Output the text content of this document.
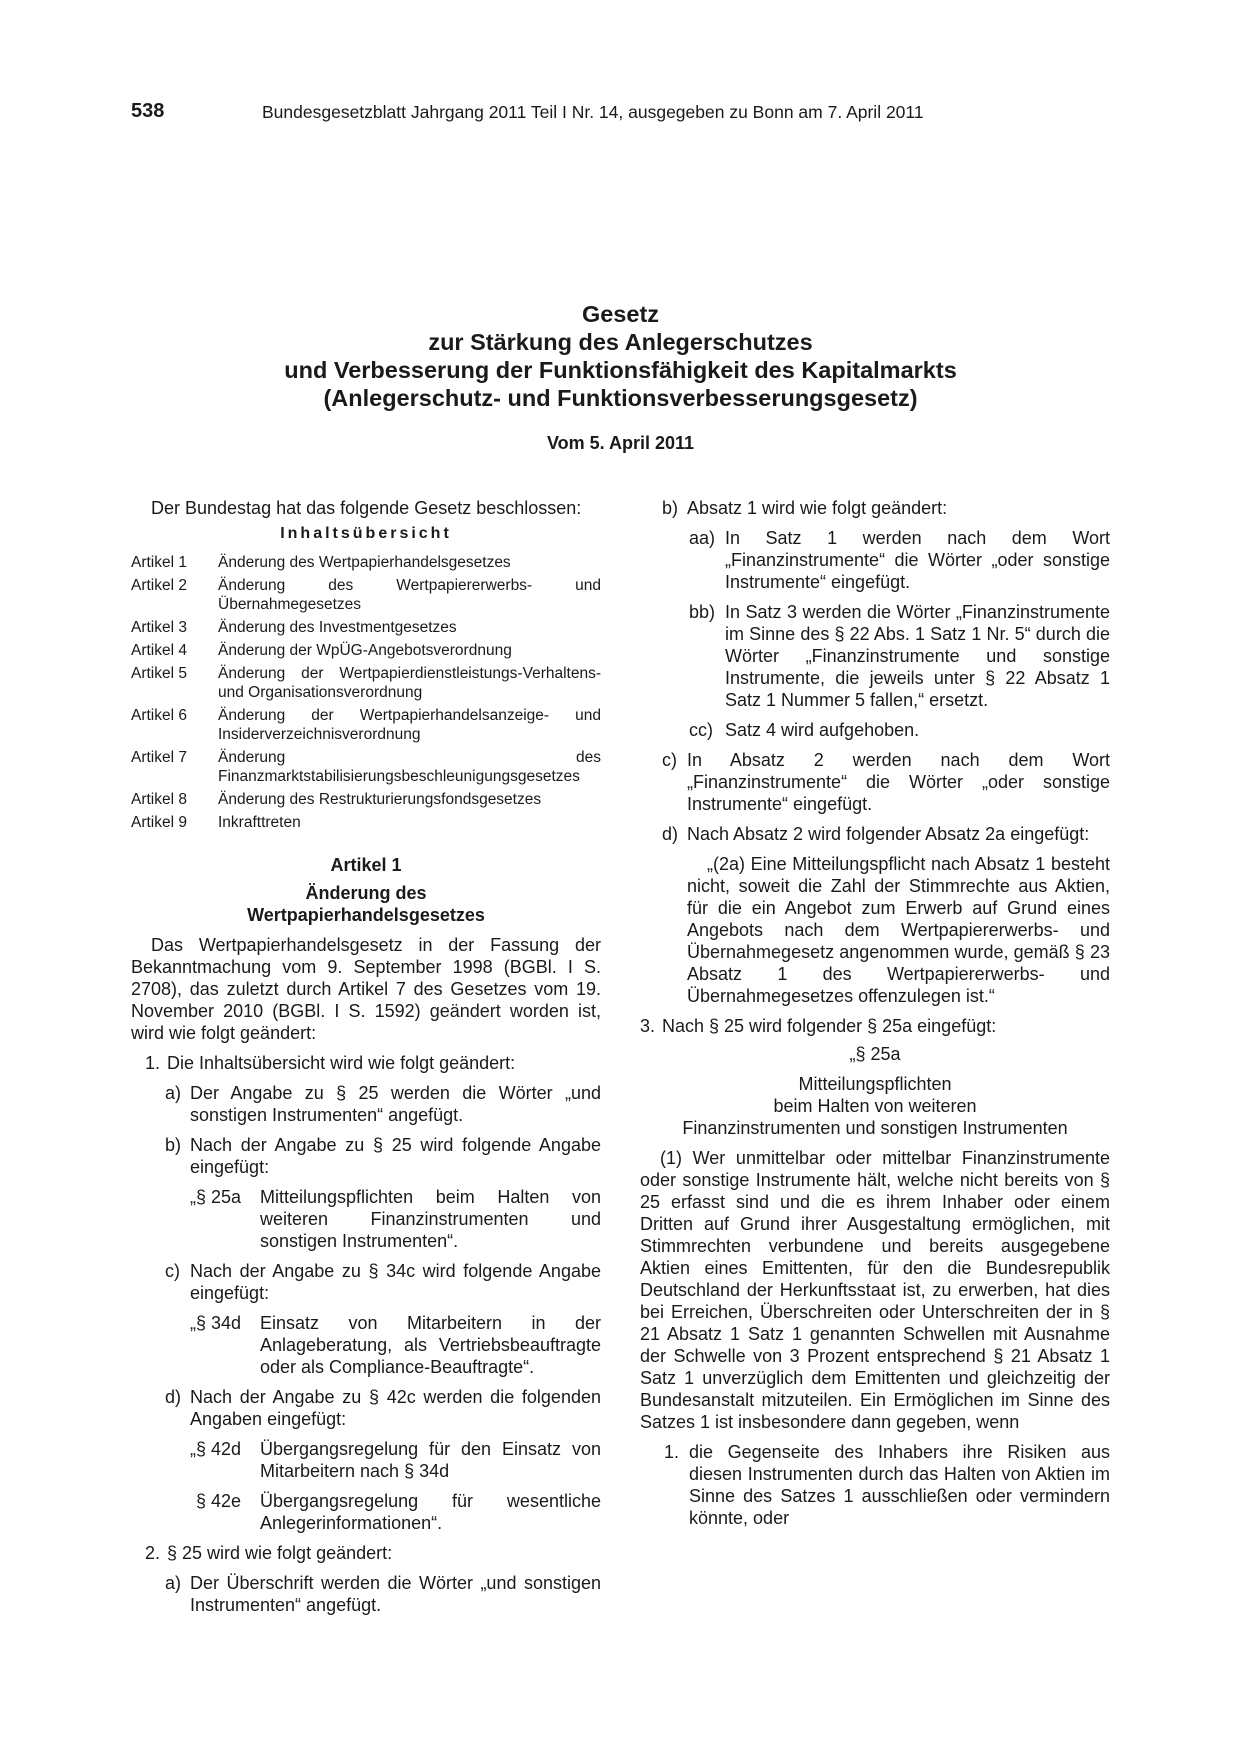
538	Bundesgesetzblatt Jahrgang 2011 Teil I Nr. 14, ausgegeben zu Bonn am 7. April 2011
Gesetz
zur Stärkung des Anlegerschutzes
und Verbesserung der Funktionsfähigkeit des Kapitalmarkts
(Anlegerschutz- und Funktionsverbesserungsgesetz)
Vom 5. April 2011
Der Bundestag hat das folgende Gesetz beschlossen:
Inhaltsübersicht
Artikel 1	Änderung des Wertpapierhandelsgesetzes
Artikel 2	Änderung des Wertpapiererwerbs- und Übernahmegesetzes
Artikel 3	Änderung des Investmentgesetzes
Artikel 4	Änderung der WpÜG-Angebotsverordnung
Artikel 5	Änderung der Wertpapierdienstleistungs-Verhaltens- und Organisationsverordnung
Artikel 6	Änderung der Wertpapierhandelsanzeige- und Insiderverzeichnisverordnung
Artikel 7	Änderung des Finanzmarktstabilisierungsbeschleunigungsgesetzes
Artikel 8	Änderung des Restrukturierungsfondsgesetzes
Artikel 9	Inkrafttreten
Artikel 1
Änderung des
Wertpapierhandelsgesetzes
Das Wertpapierhandelsgesetz in der Fassung der Bekanntmachung vom 9. September 1998 (BGBl. I S. 2708), das zuletzt durch Artikel 7 des Gesetzes vom 19. November 2010 (BGBl. I S. 1592) geändert worden ist, wird wie folgt geändert:
1. Die Inhaltsübersicht wird wie folgt geändert:
a) Der Angabe zu § 25 werden die Wörter „und sonstigen Instrumenten“ angefügt.
b) Nach der Angabe zu § 25 wird folgende Angabe eingefügt:
„§ 25a	Mitteilungspflichten beim Halten von weiteren Finanzinstrumenten und sonstigen Instrumenten“.
c) Nach der Angabe zu § 34c wird folgende Angabe eingefügt:
„§ 34d	Einsatz von Mitarbeitern in der Anlageberatung, als Vertriebsbeauftragte oder als Compliance-Beauftragte“.
d) Nach der Angabe zu § 42c werden die folgenden Angaben eingefügt:
„§ 42d	Übergangsregelung für den Einsatz von Mitarbeitern nach § 34d
§ 42e	Übergangsregelung für wesentliche Anlegerinformationen“.
2. § 25 wird wie folgt geändert:
a) Der Überschrift werden die Wörter „und sonstigen Instrumenten“ angefügt.
b) Absatz 1 wird wie folgt geändert:
aa) In Satz 1 werden nach dem Wort „Finanzinstrumente“ die Wörter „oder sonstige Instrumente“ eingefügt.
bb) In Satz 3 werden die Wörter „Finanzinstrumente im Sinne des § 22 Abs. 1 Satz 1 Nr. 5“ durch die Wörter „Finanzinstrumente und sonstige Instrumente, die jeweils unter § 22 Absatz 1 Satz 1 Nummer 5 fallen,“ ersetzt.
cc) Satz 4 wird aufgehoben.
c) In Absatz 2 werden nach dem Wort „Finanzinstrumente“ die Wörter „oder sonstige Instrumente“ eingefügt.
d) Nach Absatz 2 wird folgender Absatz 2a eingefügt:
„(2a) Eine Mitteilungspflicht nach Absatz 1 besteht nicht, soweit die Zahl der Stimmrechte aus Aktien, für die ein Angebot zum Erwerb auf Grund eines Angebots nach dem Wertpapiererwerbs- und Übernahmegesetz angenommen wurde, gemäß § 23 Absatz 1 des Wertpapiererwerbs- und Übernahmegesetzes offenzulegen ist.“
3. Nach § 25 wird folgender § 25a eingefügt:
„§ 25a
Mitteilungspflichten
beim Halten von weiteren
Finanzinstrumenten und sonstigen Instrumenten
(1) Wer unmittelbar oder mittelbar Finanzinstrumente oder sonstige Instrumente hält, welche nicht bereits von § 25 erfasst sind und die es ihrem Inhaber oder einem Dritten auf Grund ihrer Ausgestaltung ermöglichen, mit Stimmrechten verbundene und bereits ausgegebene Aktien eines Emittenten, für den die Bundesrepublik Deutschland der Herkunftsstaat ist, zu erwerben, hat dies bei Erreichen, Überschreiten oder Unterschreiten der in § 21 Absatz 1 Satz 1 genannten Schwellen mit Ausnahme der Schwelle von 3 Prozent entsprechend § 21 Absatz 1 Satz 1 unverzüglich dem Emittenten und gleichzeitig der Bundesanstalt mitzuteilen. Ein Ermöglichen im Sinne des Satzes 1 ist insbesondere dann gegeben, wenn
1. die Gegenseite des Inhabers ihre Risiken aus diesen Instrumenten durch das Halten von Aktien im Sinne des Satzes 1 ausschließen oder vermindern könnte, oder
